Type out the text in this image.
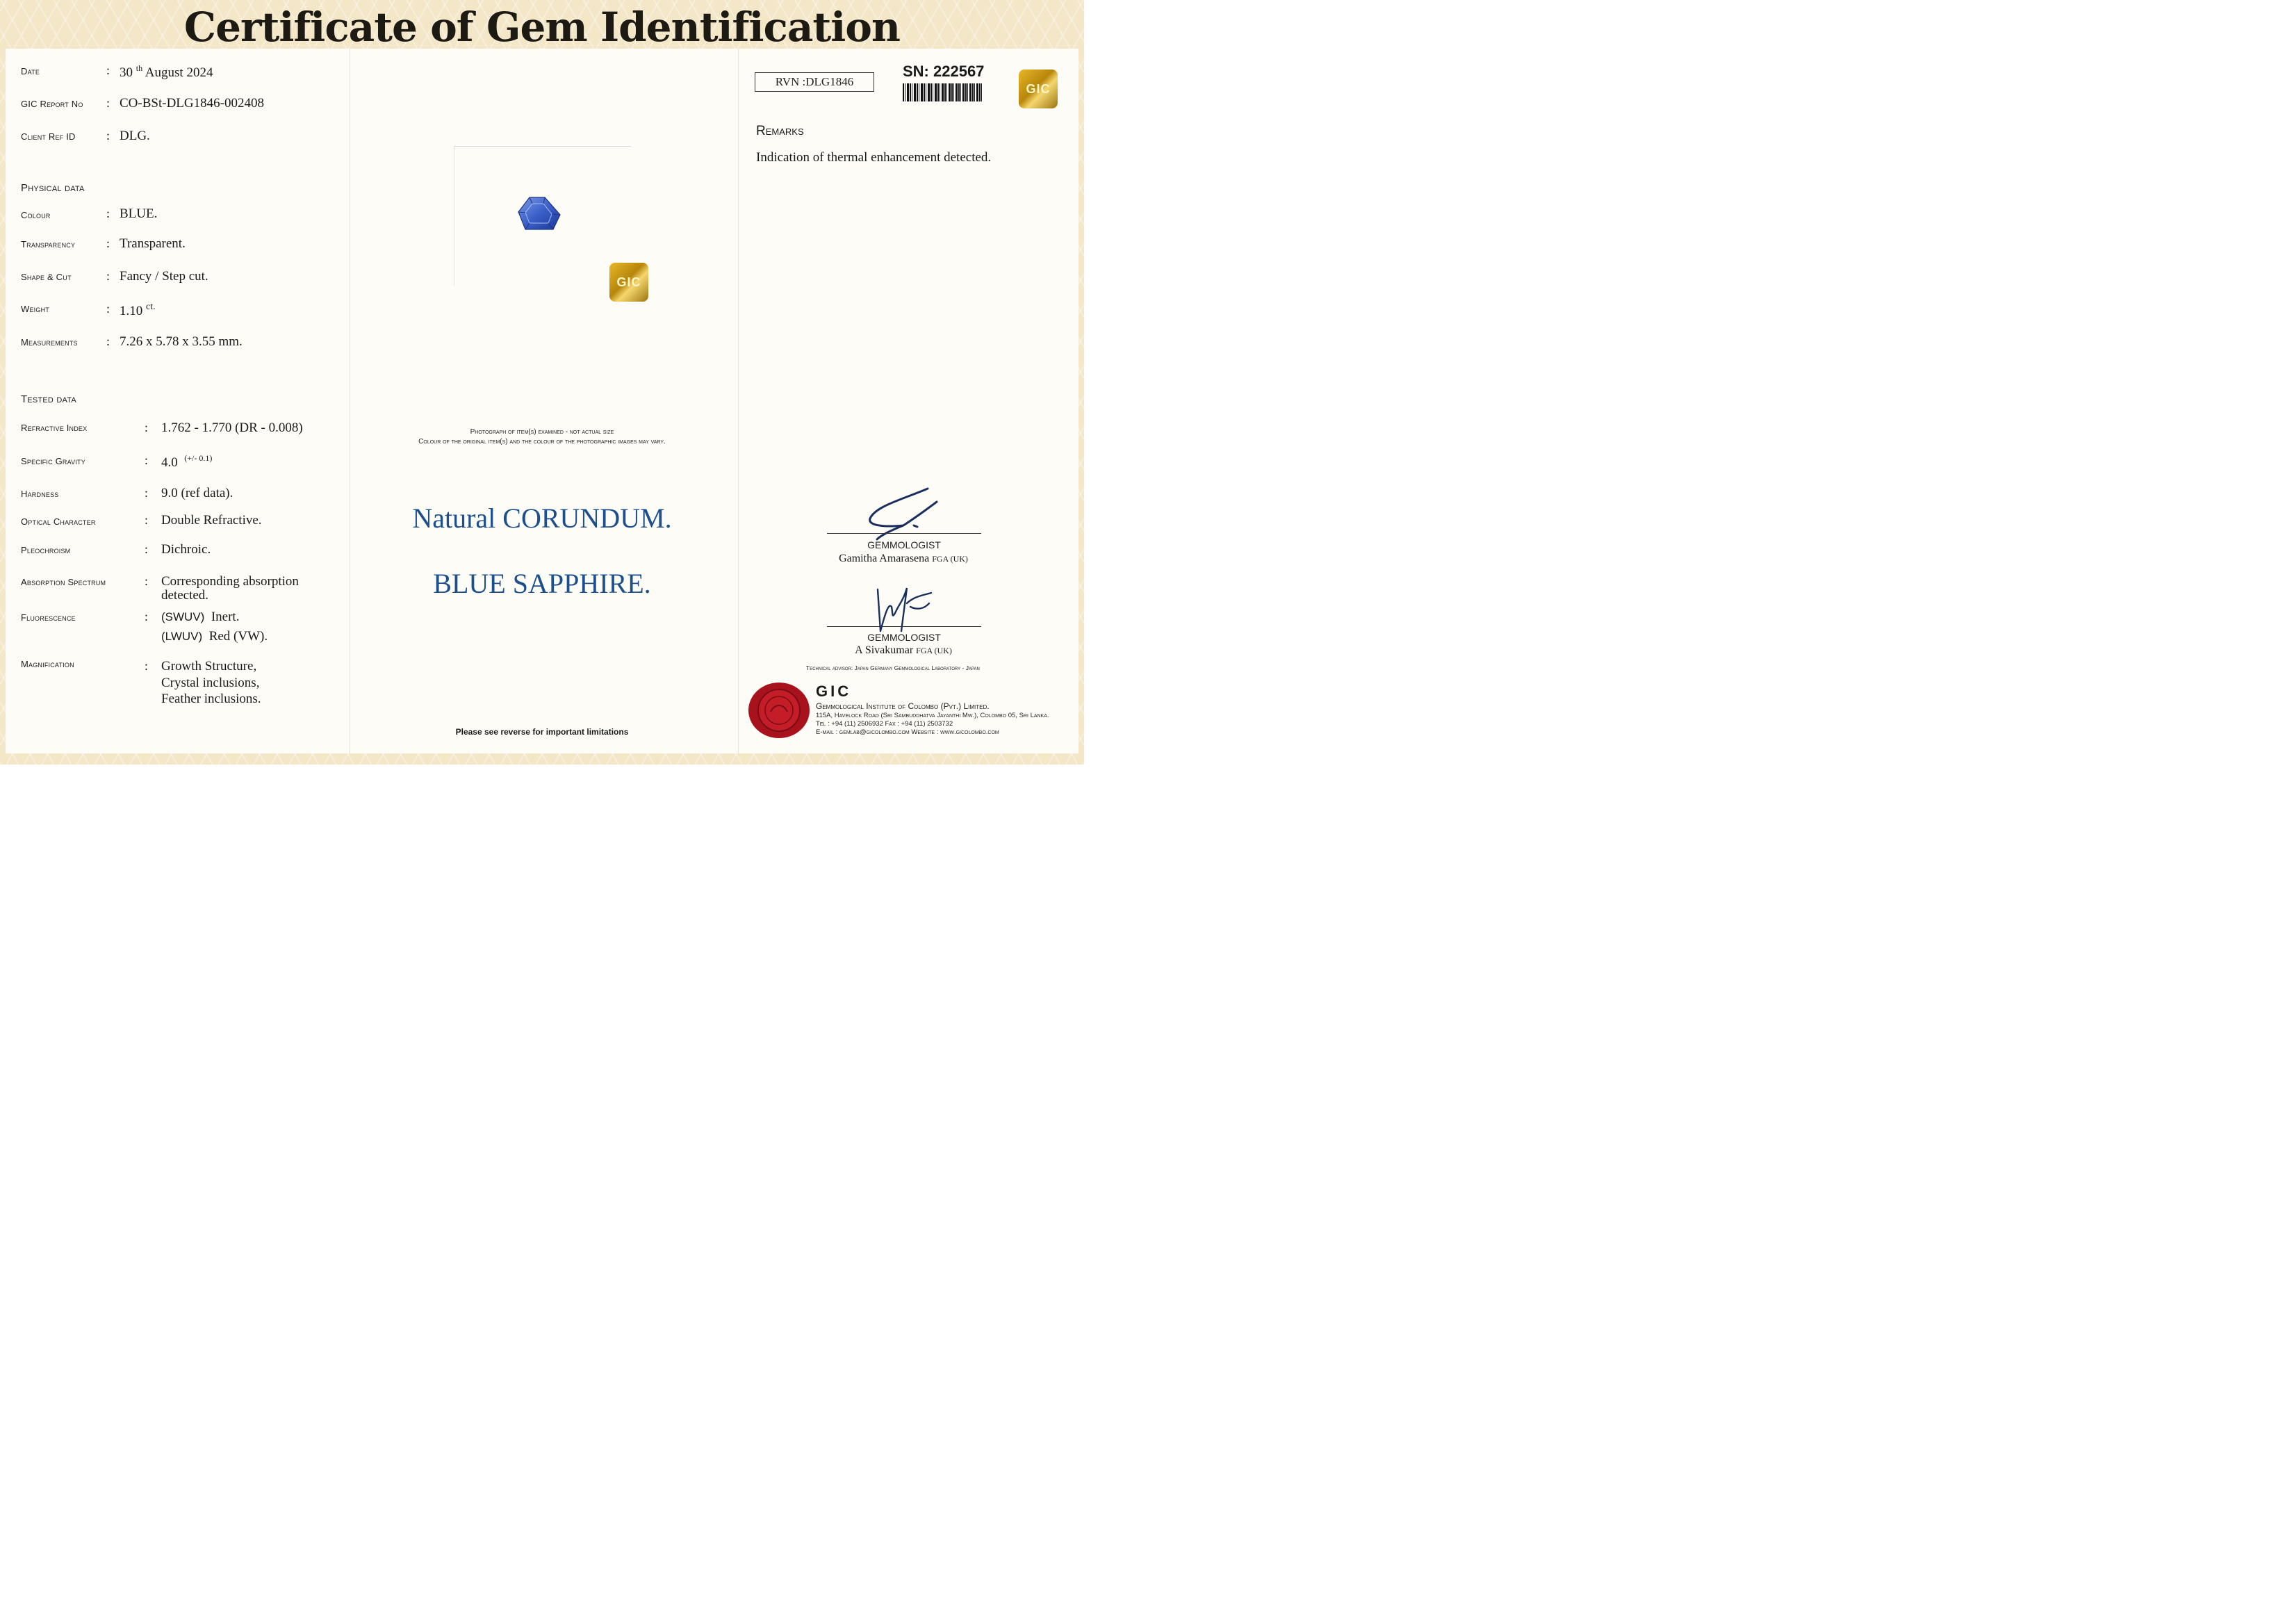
Certificate of Gem Identification
Date	: 30 $^{th}$ August 2024
GIC Report No : CO-BSt-DLG1846-002408
Client Ref ID : DLG.
Physical data
Colour	: BLUE.
Transparency : Transparent.
Shape & Cut	: Fancy / Step cut.
Weight	: 1.10 $^{ct.}$
Measurements : 7.26 x 5.78 x 3.55 mm.
Tested data
Refractive Index	: 1.762 - 1.770 (DR - 0.008)
Specific Gravity	: 4.0 $^{(+/- 0.1)}$
Hardness	: 9.0 (ref data).
Optical Character	: Double Refractive.
Pleochroism	: Dichroic.
Absorption Spectrum	: Corresponding absorption
detected.
Fluorescence	: (SWUV) Inert.
(LWUV) Red (VW).
Magnification	: Growth Structure,
Crystal inclusions,
Feather inclusions.
GIC
Photograph of item(s) examined - not actual size
Colour of the original item(s) and the colour of the photographic images may vary.
Natural CORUNDUM.
BLUE SAPPHIRE.
Please see reverse for important limitations
RVN :DLG1846
SN: 222567
GIC
Remarks
Indication of thermal enhancement detected.
GEMMOLOGIST
Gamitha Amarasena FGA (UK)
GEMMOLOGIST
A Sivakumar FGA (UK)
Technical advisor: Japan Germany Gemmological Laboratory - Japan
GIC
Gemmological Institute of Colombo (Pvt.) Limited.
115A, Havelock Road (Sri Sambuddhatva Jayanthi Mw.), Colombo 05, Sri Lanka.
Tel : +94 (11) 2506932 Fax : +94 (11) 2503732
E-mail : gemlab@gicolombo.com Website : www.gicolombo.com
